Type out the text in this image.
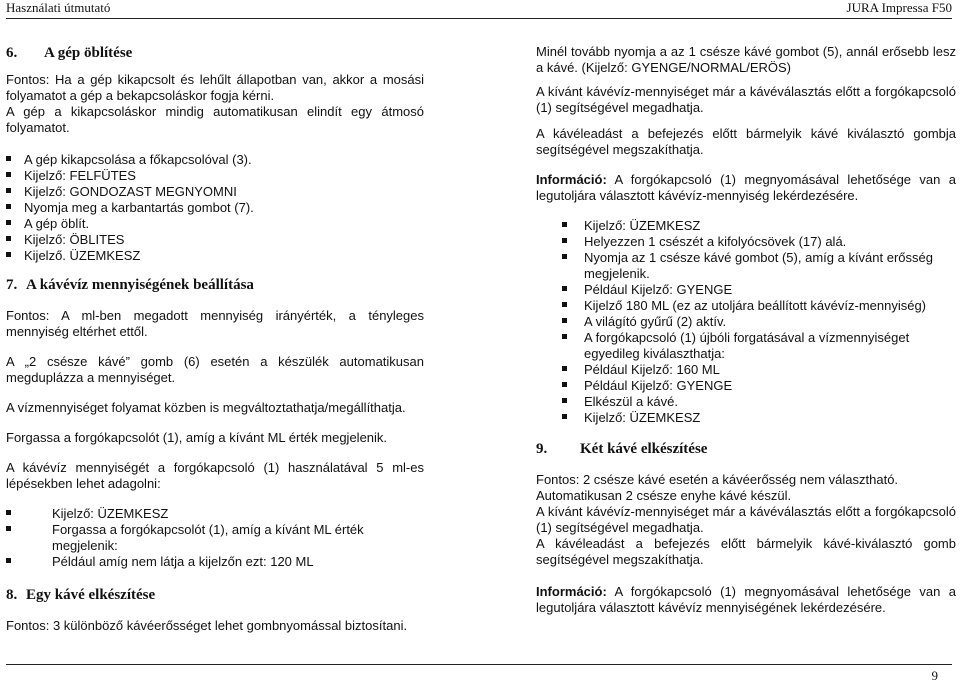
Használati útmutató	JURA Impressa F50
6.	A gép öblítése

Fontos: Ha a gép kikapcsolt és lehűlt állapotban van, akkor a mosási folyamatot a gép a bekapcsoláskor fogja kérni.

A gép a kikapcsoláskor mindig automatikusan elindít egy átmosó folyamatot.

A gép kikapcsolása a főkapcsolóval (3).
Kijelző: FELFÜTES
Kijelző: GONDOZAST MEGNYOMNI
Nyomja meg a karbantartás gombot (7).
A gép öblít.
Kijelző: ÖBLITES
Kijelző. ÜZEMKESZ
7. A kávévíz mennyiségének beállítása

Fontos: A ml-ben megadott mennyiség irányérték, a tényleges mennyiség eltérhet ettől.

A „2 csésze kávé” gomb (6) esetén a készülék automatikusan megduplázza a mennyiséget.

A vízmennyiséget folyamat közben is megváltoztathatja/megállíthatja.

Forgassa a forgókapcsolót (1), amíg a kívánt ML érték megjelenik.

A kávévíz mennyiségét a forgókapcsoló (1) használatával 5 ml-es lépésekben lehet adagolni:

Kijelző: ÜZEMKESZ
Forgassa a forgókapcsolót (1), amíg a kívánt ML érték megjelenik:
Például amíg nem látja a kijelzőn ezt: 120 ML
8. Egy kávé elkészítése

Fontos: 3 különböző kávéerősséget lehet gombnyomással biztosítani.

Minél tovább nyomja a az 1 csésze kávé gombot (5), annál erősebb lesz a kávé. (Kijelző: GYENGE/NORMAL/ERÖS)

A kívánt kávévíz-mennyiséget már a kávéválasztás előtt a forgókapcsoló (1) segítségével megadhatja.

A kávéleadást a befejezés előtt bármelyik kávé kiválasztó gombja segítségével megszakíthatja.

Információ: A forgókapcsoló (1) megnyomásával lehetősége van a legutoljára választott kávévíz-mennyiség lekérdezésére.

Kijelző: ÜZEMKESZ
Helyezzen 1 csészét a kifolyócsövek (17) alá.
Nyomja az 1 csésze kávé gombot (5), amíg a kívánt erősség megjelenik.
Például Kijelző: GYENGE
Kijelző 180 ML (ez az utoljára beállított kávévíz-mennyiség)
A világító gyűrű (2) aktív.
A forgókapcsoló (1) újbóli forgatásával a vízmennyiséget egyedileg kiválaszthatja:
Például Kijelző: 160 ML
Például Kijelző: GYENGE
Elkészül a kávé.
Kijelző: ÜZEMKESZ
9.	Két kávé elkészítése

Fontos: 2 csésze kávé esetén a kávéerősség nem választható.

Automatikusan 2 csésze enyhe kávé készül.

A kívánt kávévíz-mennyiséget már a kávéválasztás előtt a forgókapcsoló (1) segítségével megadhatja.

A kávéleadást a befejezés előtt bármelyik kávé-kiválasztó gomb segítségével megszakíthatja.

Információ: A forgókapcsoló (1) megnyomásával lehetősége van a legutoljára választott kávévíz mennyiségének lekérdezésére.

9
